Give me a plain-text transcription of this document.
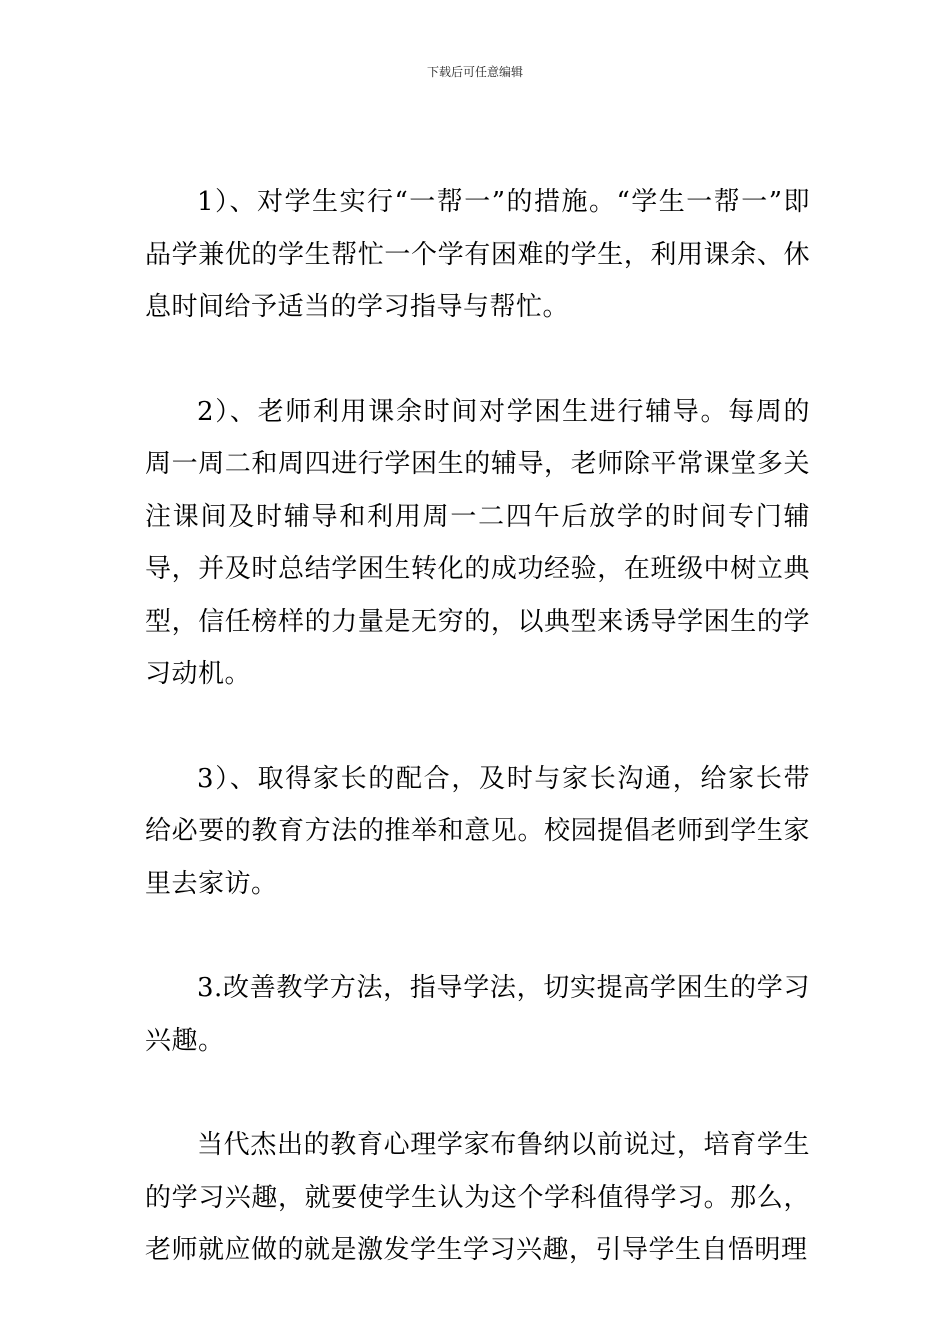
下载后可任意编辑

1）、对学生实行“一帮一”的措施。“学生一帮一”即品学兼优的学生帮忙一个学有困难的学生，利用课余、休息时间给予适当的学习指导与帮忙。

2）、老师利用课余时间对学困生进行辅导。每周的周一周二和周四进行学困生的辅导，老师除平常课堂多关注课间及时辅导和利用周一二四午后放学的时间专门辅导，并及时总结学困生转化的成功经验，在班级中树立典型，信任榜样的力量是无穷的，以典型来诱导学困生的学习动机。

3）、取得家长的配合，及时与家长沟通，给家长带给必要的教育方法的推举和意见。校园提倡老师到学生家里去家访。

3.改善教学方法，指导学法，切实提高学困生的学习兴趣。

当代杰出的教育心理学家布鲁纳以前说过，培育学生的学习兴趣，就要使学生认为这个学科值得学习。那么，老师就应做的就是激发学生学习兴趣，引导学生自悟明理
